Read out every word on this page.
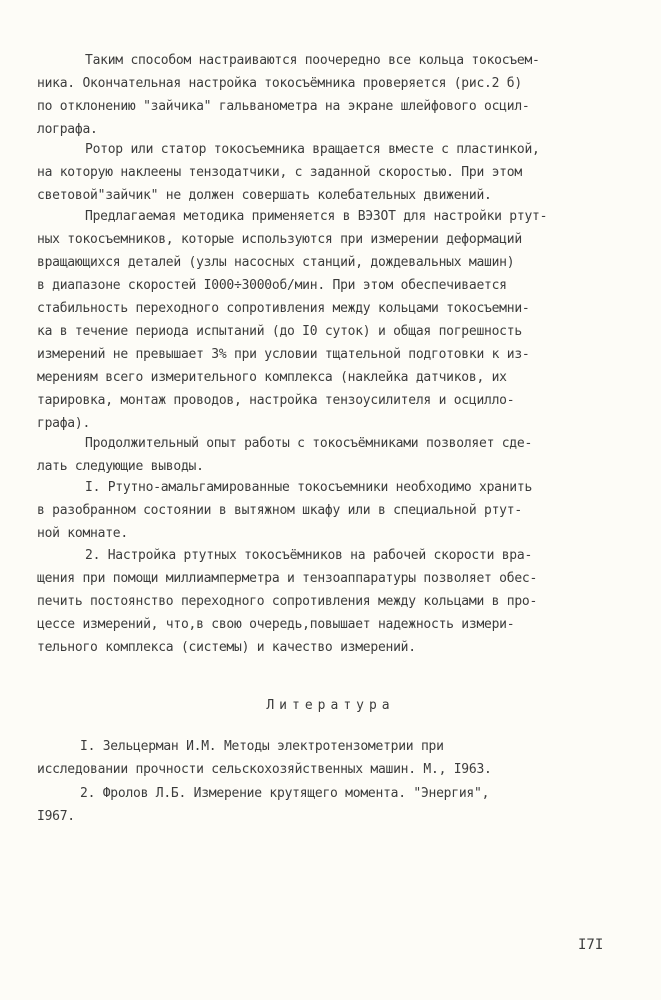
Таким способом настраиваются поочередно все кольца токосъем-
ника. Окончательная настройка токосъёмника проверяется (рис.2 б)
по отклонению "зайчика" гальванометра на экране шлейфового осцил-
лографа.
Ротор или статор токосъемника вращается вместе с пластинкой,
на которую наклеены тензодатчики, с заданной скоростью. При этом
световой"зайчик" не должен совершать колебательных движений.
Предлагаемая методика применяется в ВЭЗОТ для настройки ртут-
ных токосъемников, которые используются при измерении деформаций
вращающихся деталей (узлы насосных станций, дождевальных машин)
в диапазоне скоростей I000÷3000об/мин. При этом обеспечивается
стабильность переходного сопротивления между кольцами токосъемни-
ка в течение периода испытаний (до I0 суток) и общая погрешность
измерений не превышает 3% при условии тщательной подготовки к из-
мерениям всего измерительного комплекса (наклейка датчиков, их
тарировка, монтаж проводов, настройка тензоусилителя и осцилло-
графа).
Продолжительный опыт работы с токосъёмниками позволяет сде-
лать следующие выводы.
I. Ртутно-амальгамированные токосъемники необходимо хранить
в разобранном состоянии в вытяжном шкафу или в специальной ртут-
ной комнате.
2. Настройка ртутных токосъёмников на рабочей скорости вра-
щения при помощи миллиамперметра и тензоаппаратуры позволяет обес-
печить постоянство переходного сопротивления между кольцами в про-
цессе измерений, что,в свою очередь,повышает надежность измери-
тельного комплекса (системы) и качество измерений.
Литература
I. Зельцерман И.М. Методы электротензометрии при
исследовании прочности сельскохозяйственных машин. М., I963.
2. Фролов Л.Б. Измерение крутящего момента. "Энергия",
I967.
I7I
